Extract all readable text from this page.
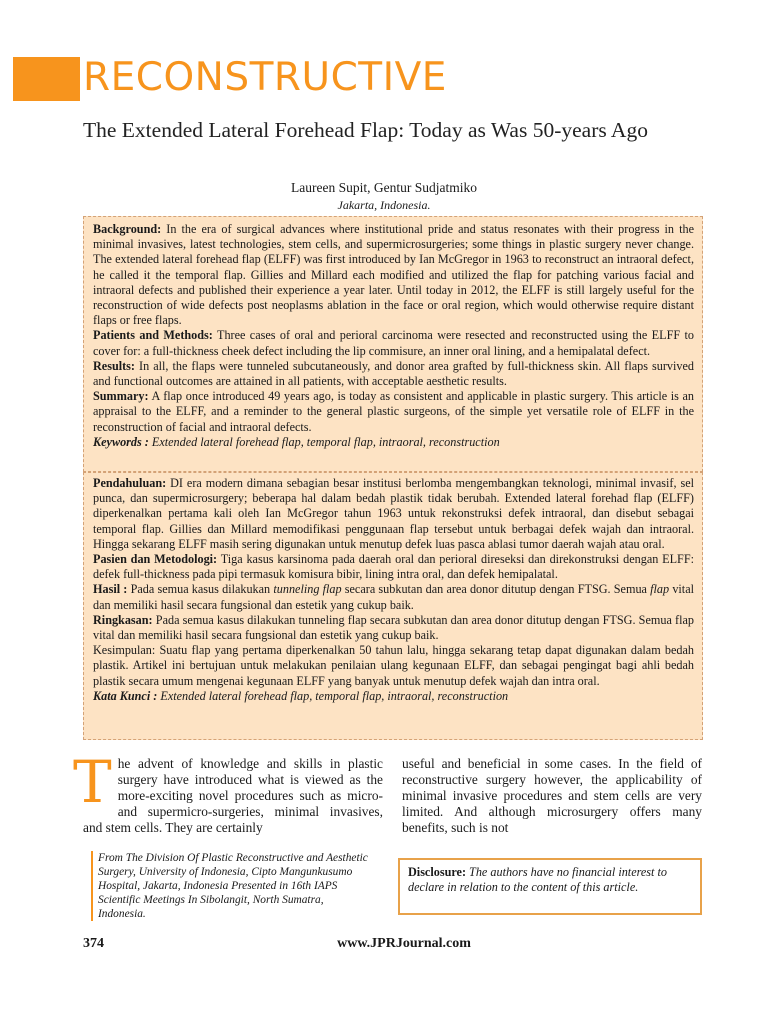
RECONSTRUCTIVE
The Extended Lateral Forehead Flap: Today as Was 50-years Ago
Laureen Supit, Gentur Sudjatmiko
Jakarta, Indonesia.

Background: In the era of surgical advances where institutional pride and status resonates with their progress in the minimal invasives, latest technologies, stem cells, and supermicrosurgeries; some things in plastic surgery never change. The extended lateral forehead flap (ELFF) was first introduced by Ian McGregor in 1963 to reconstruct an intraoral defect, he called it the temporal flap. Gillies and Millard each modified and utilized the flap for patching various facial and intraoral defects and published their experience a year later. Until today in 2012, the ELFF is still largely useful for the reconstruction of wide defects post neoplasms ablation in the face or oral region, which would otherwise require distant flaps or free flaps.

Patients and Methods: Three cases of oral and perioral carcinoma were resected and reconstructed using the ELFF to cover for: a full-thickness cheek defect including the lip commisure, an inner oral lining, and a hemipalatal defect.

Results: In all, the flaps were tunneled subcutaneously, and donor area grafted by full-thickness skin. All flaps survived and functional outcomes are attained in all patients, with acceptable aesthetic results.

Summary: A flap once introduced 49 years ago, is today as consistent and applicable in plastic surgery. This article is an appraisal to the ELFF, and a reminder to the general plastic surgeons, of the simple yet versatile role of ELFF in the reconstruction of facial and intraoral defects.

Keywords : Extended lateral forehead flap, temporal flap, intraoral, reconstruction

Pendahuluan: DI era modern dimana sebagian besar institusi berlomba mengembangkan teknologi, minimal invasif, sel punca, dan supermicrosurgery; beberapa hal dalam bedah plastik tidak berubah. Extended lateral forehad flap (ELFF) diperkenalkan pertama kali oleh Ian McGregor tahun 1963 untuk rekonstruksi defek intraoral, dan disebut sebagai temporal flap. Gillies dan Millard memodifikasi penggunaan flap tersebut untuk berbagai defek wajah dan intraoral. Hingga sekarang ELFF masih sering digunakan untuk menutup defek luas pasca ablasi tumor daerah wajah atau oral.

Pasien dan Metodologi: Tiga kasus karsinoma pada daerah oral dan perioral direseksi dan direkonstruksi dengan ELFF: defek full-thickness pada pipi termasuk komisura bibir, lining intra oral, dan defek hemipalatal.

Hasil : Pada semua kasus dilakukan tunneling flap secara subkutan dan area donor ditutup dengan FTSG. Semua flap vital dan memiliki hasil secara fungsional dan estetik yang cukup baik.

Ringkasan: Pada semua kasus dilakukan tunneling flap secara subkutan dan area donor ditutup dengan FTSG. Semua flap vital dan memiliki hasil secara fungsional dan estetik yang cukup baik.

Kesimpulan: Suatu flap yang pertama diperkenalkan 50 tahun lalu, hingga sekarang tetap dapat digunakan dalam bedah plastik. Artikel ini bertujuan untuk melakukan penilaian ulang kegunaan ELFF, dan sebagai pengingat bagi ahli bedah plastik secara umum mengenai kegunaan ELFF yang banyak untuk menutup defek wajah dan intra oral.

Kata Kunci : Extended lateral forehead flap, temporal flap, intraoral, reconstruction

The advent of knowledge and skills in plastic surgery have introduced what is viewed as the more-exciting novel procedures such as micro- and supermicro-surgeries, minimal invasives, and stem cells. They are certainly
useful and beneficial in some cases. In the field of reconstructive surgery however, the applicability of minimal invasive procedures and stem cells are very limited. And although microsurgery offers many benefits, such is not
From The Division Of Plastic Reconstructive and Aesthetic Surgery, University of Indonesia, Cipto Mangunkusumo Hospital, Jakarta, Indonesia Presented in 16th IAPS Scientific Meetings In Sibolangit, North Sumatra, Indonesia.
Disclosure: The authors have no financial interest to declare in relation to the content of this article.
374	www.JPRJournal.com
